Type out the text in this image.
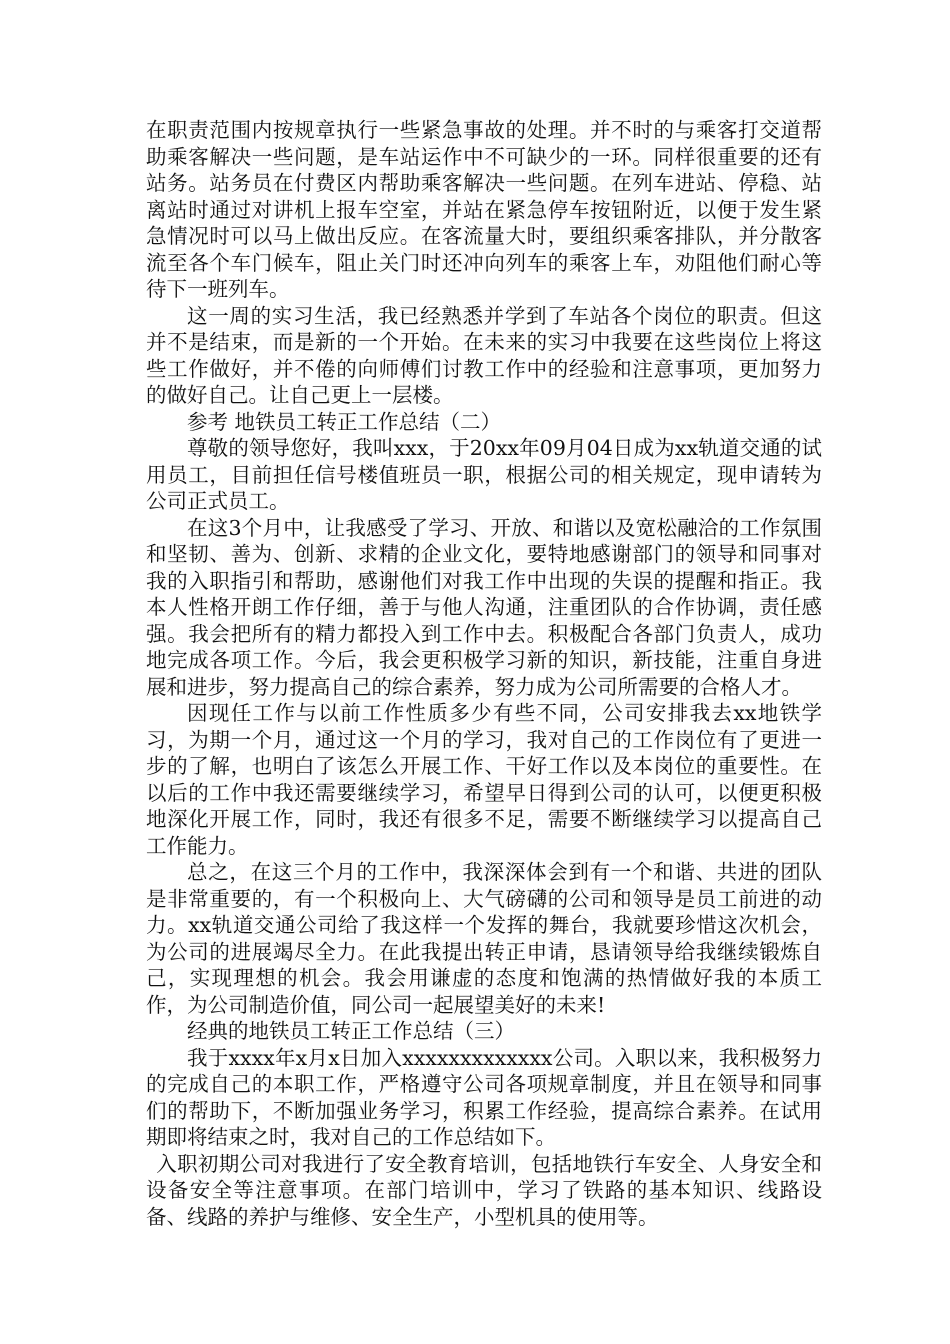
在职责范围内按规章执行一些紧急事故的处理。并不时的与乘客打交道帮助乘客解决一些问题，是车站运作中不可缺少的一环。同样很重要的还有站务。站务员在付费区内帮助乘客解决一些问题。在列车进站、停稳、站离站时通过对讲机上报车空室，并站在紧急停车按钮附近，以便于发生紧急情况时可以马上做出反应。在客流量大时，要组织乘客排队，并分散客流至各个车门候车，阻止关门时还冲向列车的乘客上车，劝阻他们耐心等待下一班列车。

这一周的实习生活，我已经熟悉并学到了车站各个岗位的职责。但这并不是结束，而是新的一个开始。在未来的实习中我要在这些岗位上将这些工作做好，并不倦的向师傅们讨教工作中的经验和注意事项，更加努力的做好自己。让自己更上一层楼。

参考 地铁员工转正工作总结（二）

尊敬的领导您好，我叫xxx，于20xx年09月04日成为xx轨道交通的试用员工，目前担任信号楼值班员一职，根据公司的相关规定，现申请转为公司正式员工。

在这3个月中，让我感受了学习、开放、和谐以及宽松融洽的工作氛围和坚韧、善为、创新、求精的企业文化，要特地感谢部门的领导和同事对我的入职指引和帮助，感谢他们对我工作中出现的失误的提醒和指正。我本人性格开朗工作仔细，善于与他人沟通，注重团队的合作协调，责任感强。我会把所有的精力都投入到工作中去。积极配合各部门负责人，成功地完成各项工作。今后，我会更积极学习新的知识，新技能，注重自身进展和进步，努力提高自己的综合素养，努力成为公司所需要的合格人才。

因现任工作与以前工作性质多少有些不同，公司安排我去xx地铁学习，为期一个月，通过这一个月的学习，我对自己的工作岗位有了更进一步的了解，也明白了该怎么开展工作、干好工作以及本岗位的重要性。在以后的工作中我还需要继续学习，希望早日得到公司的认可，以便更积极地深化开展工作，同时，我还有很多不足，需要不断继续学习以提高自己工作能力。

总之，在这三个月的工作中，我深深体会到有一个和谐、共进的团队是非常重要的，有一个积极向上、大气磅礴的公司和领导是员工前进的动力。xx轨道交通公司给了我这样一个发挥的舞台，我就要珍惜这次机会，为公司的进展竭尽全力。在此我提出转正申请，恳请领导给我继续锻炼自己，实现理想的机会。我会用谦虚的态度和饱满的热情做好我的本质工作，为公司制造价值，同公司一起展望美好的未来!

经典的地铁员工转正工作总结（三）

我于xxxx年x月x日加入xxxxxxxxxxxxx公司。入职以来，我积极努力的完成自己的本职工作，严格遵守公司各项规章制度，并且在领导和同事们的帮助下，不断加强业务学习，积累工作经验，提高综合素养。在试用期即将结束之时，我对自己的工作总结如下。

入职初期公司对我进行了安全教育培训，包括地铁行车安全、人身安全和设备安全等注意事项。在部门培训中，学习了铁路的基本知识、线路设备、线路的养护与维修、安全生产，小型机具的使用等。
